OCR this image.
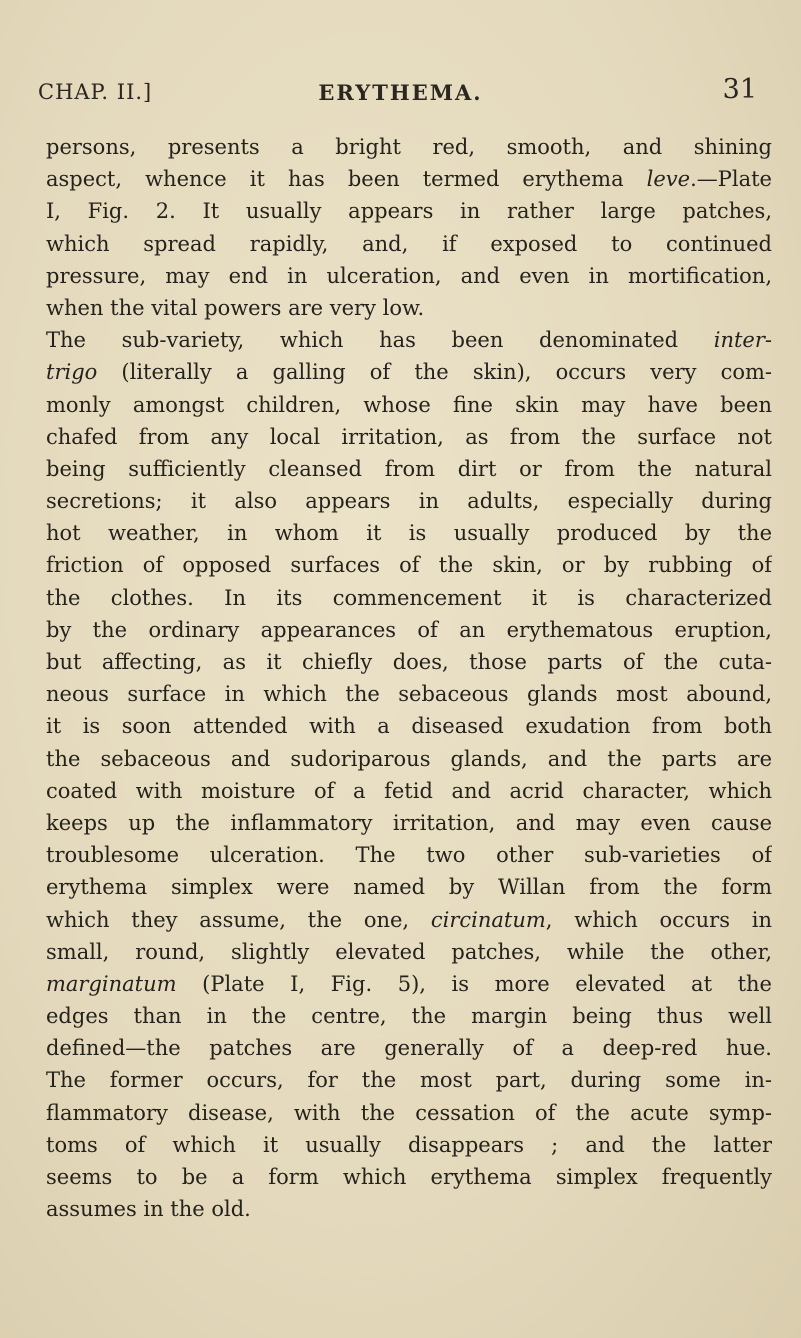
CHAP. II.]	ERYTHEMA.	31
persons, presents a bright red, smooth, and shining
aspect, whence it has been termed erythema leve.—Plate
I, Fig. 2. It usually appears in rather large patches,
which spread rapidly, and, if exposed to continued
pressure, may end in ulceration, and even in mortification,
when the vital powers are very low.
The sub-variety, which has been denominated inter-
trigo (literally a galling of the skin), occurs very com-
monly amongst children, whose fine skin may have been
chafed from any local irritation, as from the surface not
being sufficiently cleansed from dirt or from the natural
secretions; it also appears in adults, especially during
hot weather, in whom it is usually produced by the
friction of opposed surfaces of the skin, or by rubbing of
the clothes. In its commencement it is characterized
by the ordinary appearances of an erythematous eruption,
but affecting, as it chiefly does, those parts of the cuta-
neous surface in which the sebaceous glands most abound,
it is soon attended with a diseased exudation from both
the sebaceous and sudoriparous glands, and the parts are
coated with moisture of a fetid and acrid character, which
keeps up the inflammatory irritation, and may even cause
troublesome ulceration. The two other sub-varieties of
erythema simplex were named by Willan from the form
which they assume, the one, circinatum, which occurs in
small, round, slightly elevated patches, while the other,
marginatum (Plate I, Fig. 5), is more elevated at the
edges than in the centre, the margin being thus well
defined—the patches are generally of a deep-red hue.
The former occurs, for the most part, during some in-
flammatory disease, with the cessation of the acute symp-
toms of which it usually disappears ; and the latter
seems to be a form which erythema simplex frequently
assumes in the old.
